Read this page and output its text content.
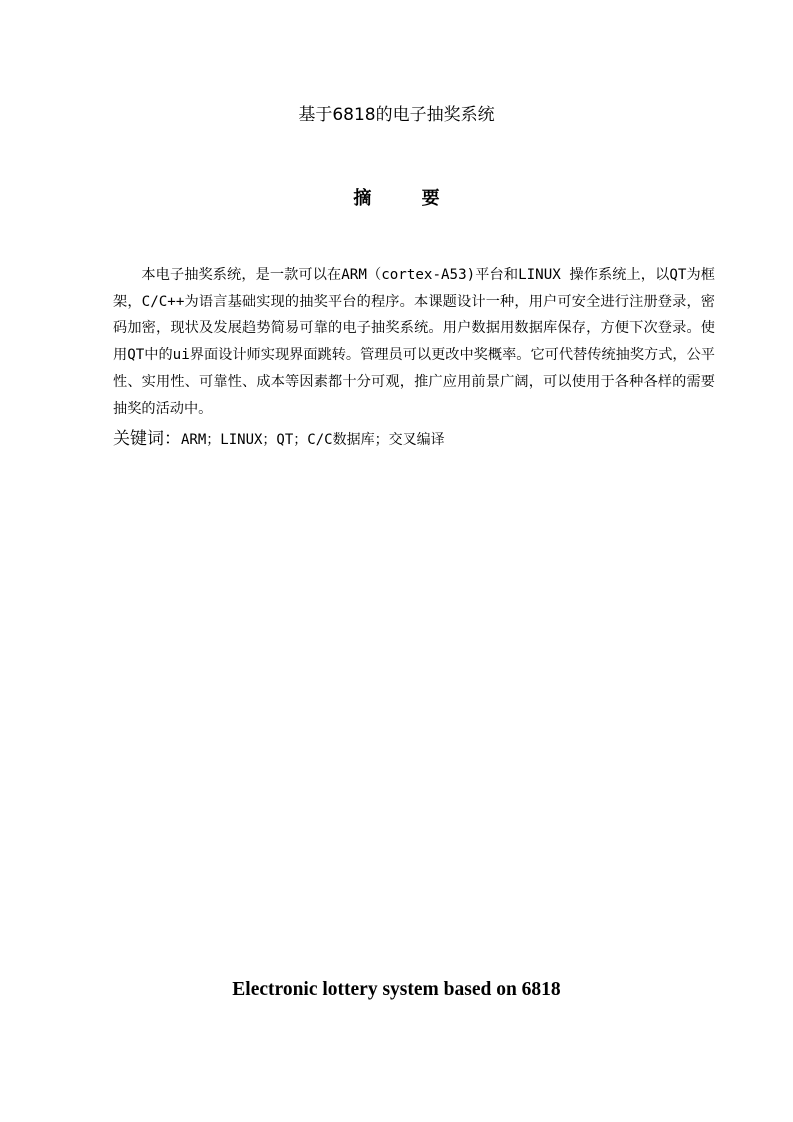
基于6818的电子抽奖系统
摘 要
本电子抽奖系统，是一款可以在ARM（cortex-A53)平台和LINUX 操作系统上，以QT为框架，C/C++为语言基础实现的抽奖平台的程序。本课题设计一种，用户可安全进行注册登录，密码加密，现状及发展趋势简易可靠的电子抽奖系统。用户数据用数据库保存，方便下次登录。使用QT中的ui界面设计师实现界面跳转。管理员可以更改中奖概率。它可代替传统抽奖方式，公平性、实用性、可靠性、成本等因素都十分可观，推广应用前景广阔，可以使用于各种各样的需要抽奖的活动中。
关键词：ARM；LINUX；QT；C/C数据库；交叉编译
Electronic lottery system based on 6818
